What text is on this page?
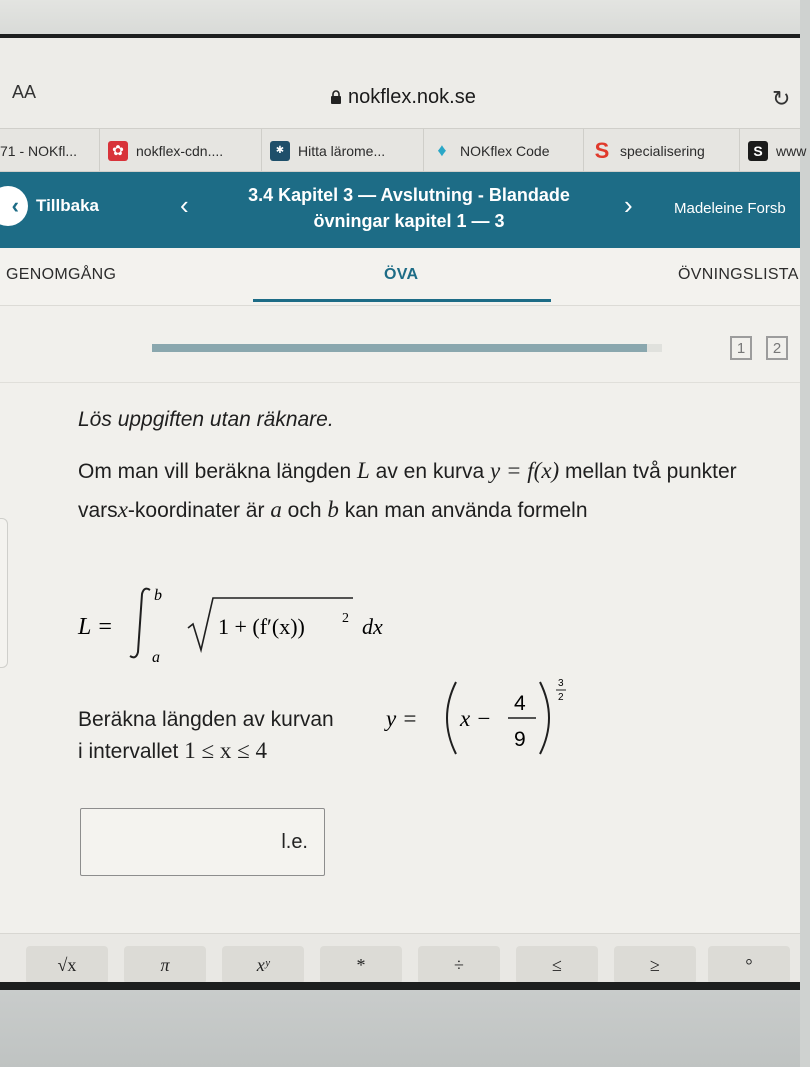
AA	nokflex.nok.se	↻
71 - NOKfl...	✿ nokflex-cdn....	✱ Hitta lärome...	♦ NOKflex Code S specialisering	S www
‹	Tillbaka	‹	3.4 Kapitel 3 — Avslutning - Blandade övningar kapitel 1 — 3
›	Madeleine Forsb
GENOMGÅNG	ÖVA	ÖVNINGSLISTA
1	2
Lös uppgiften utan räknare.
Om man vill beräkna längden L av en kurva y = f(x) mellan två punkter varsx-koordinater är a och b kan man använda formeln
L =
b
a
1 + (f′(x))	2 dx
Beräkna längden av kurvan y = x −
4
9
3
2
i intervallet 1 ≤ x ≤ 4
l.e.
√x	π	xʸ	*	÷	≤	≥	°
